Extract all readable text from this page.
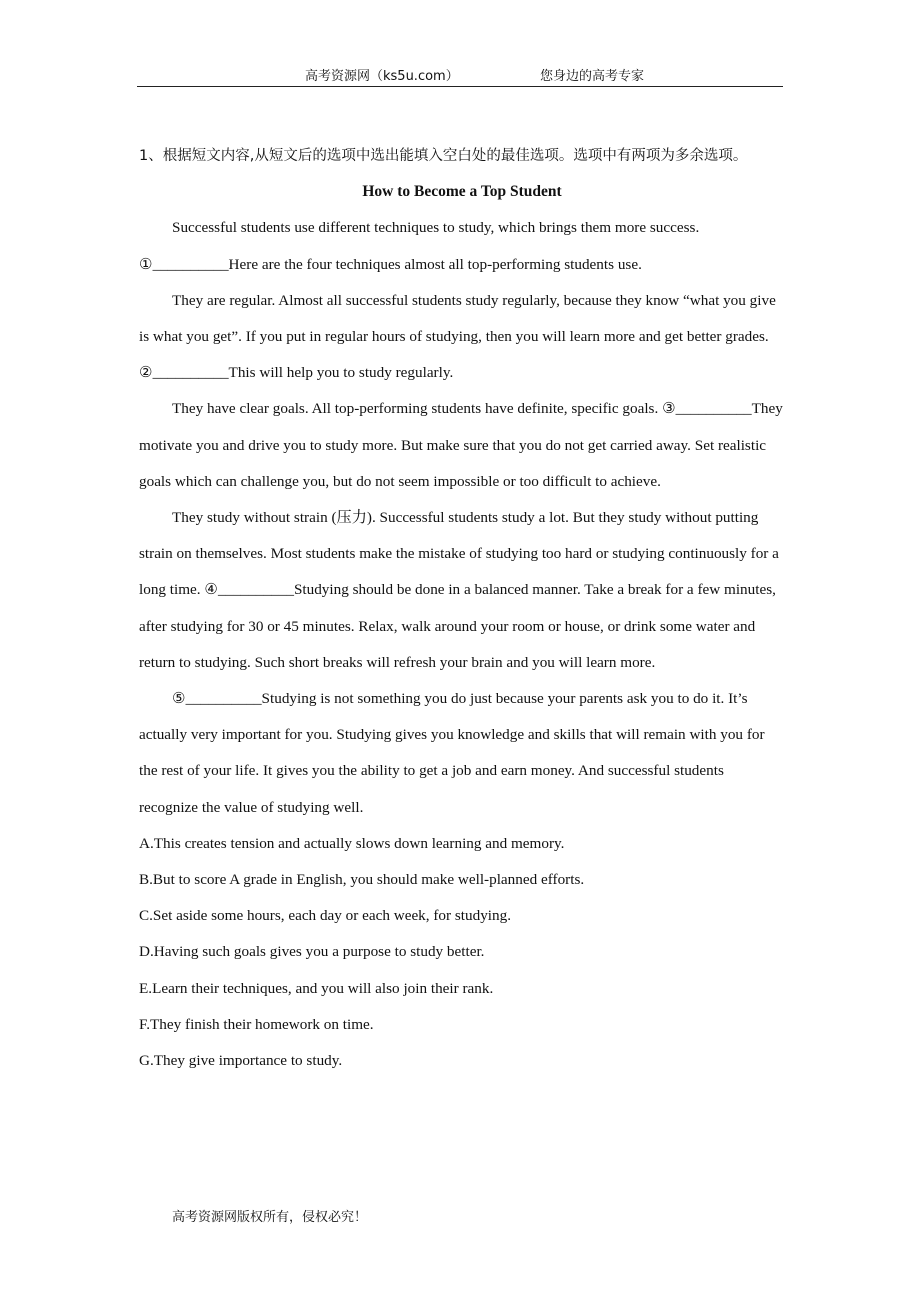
高考资源网（ks5u.com）	您身边的高考专家

1、根据短文内容,从短文后的选项中选出能填入空白处的最佳选项。选项中有两项为多余选项。

How to Become a Top Student

Successful students use different techniques to study, which brings them more success. ①__________Here are the four techniques almost all top-performing students use.

They are regular. Almost all successful students study regularly, because they know “what you give is what you get”. If you put in regular hours of studying, then you will learn more and get better grades. ②__________This will help you to study regularly.

They have clear goals. All top-performing students have definite, specific goals. ③__________They motivate you and drive you to study more. But make sure that you do not get carried away. Set realistic goals which can challenge you, but do not seem impossible or too difficult to achieve.

They study without strain (压力). Successful students study a lot. But they study without putting strain on themselves. Most students make the mistake of studying too hard or studying continuously for a long time. ④__________Studying should be done in a balanced manner. Take a break for a few minutes, after studying for 30 or 45 minutes. Relax, walk around your room or house, or drink some water and return to studying. Such short breaks will refresh your brain and you will learn more.

⑤__________Studying is not something you do just because your parents ask you to do it. It’s actually very important for you. Studying gives you knowledge and skills that will remain with you for the rest of your life. It gives you the ability to get a job and earn money. And successful students recognize the value of studying well.

A.This creates tension and actually slows down learning and memory.

B.But to score A grade in English, you should make well-planned efforts.

C.Set aside some hours, each day or each week, for studying.

D.Having such goals gives you a purpose to study better.

E.Learn their techniques, and you will also join their rank.

F.They finish their homework on time.

G.They give importance to study.

高考资源网版权所有，侵权必究！
